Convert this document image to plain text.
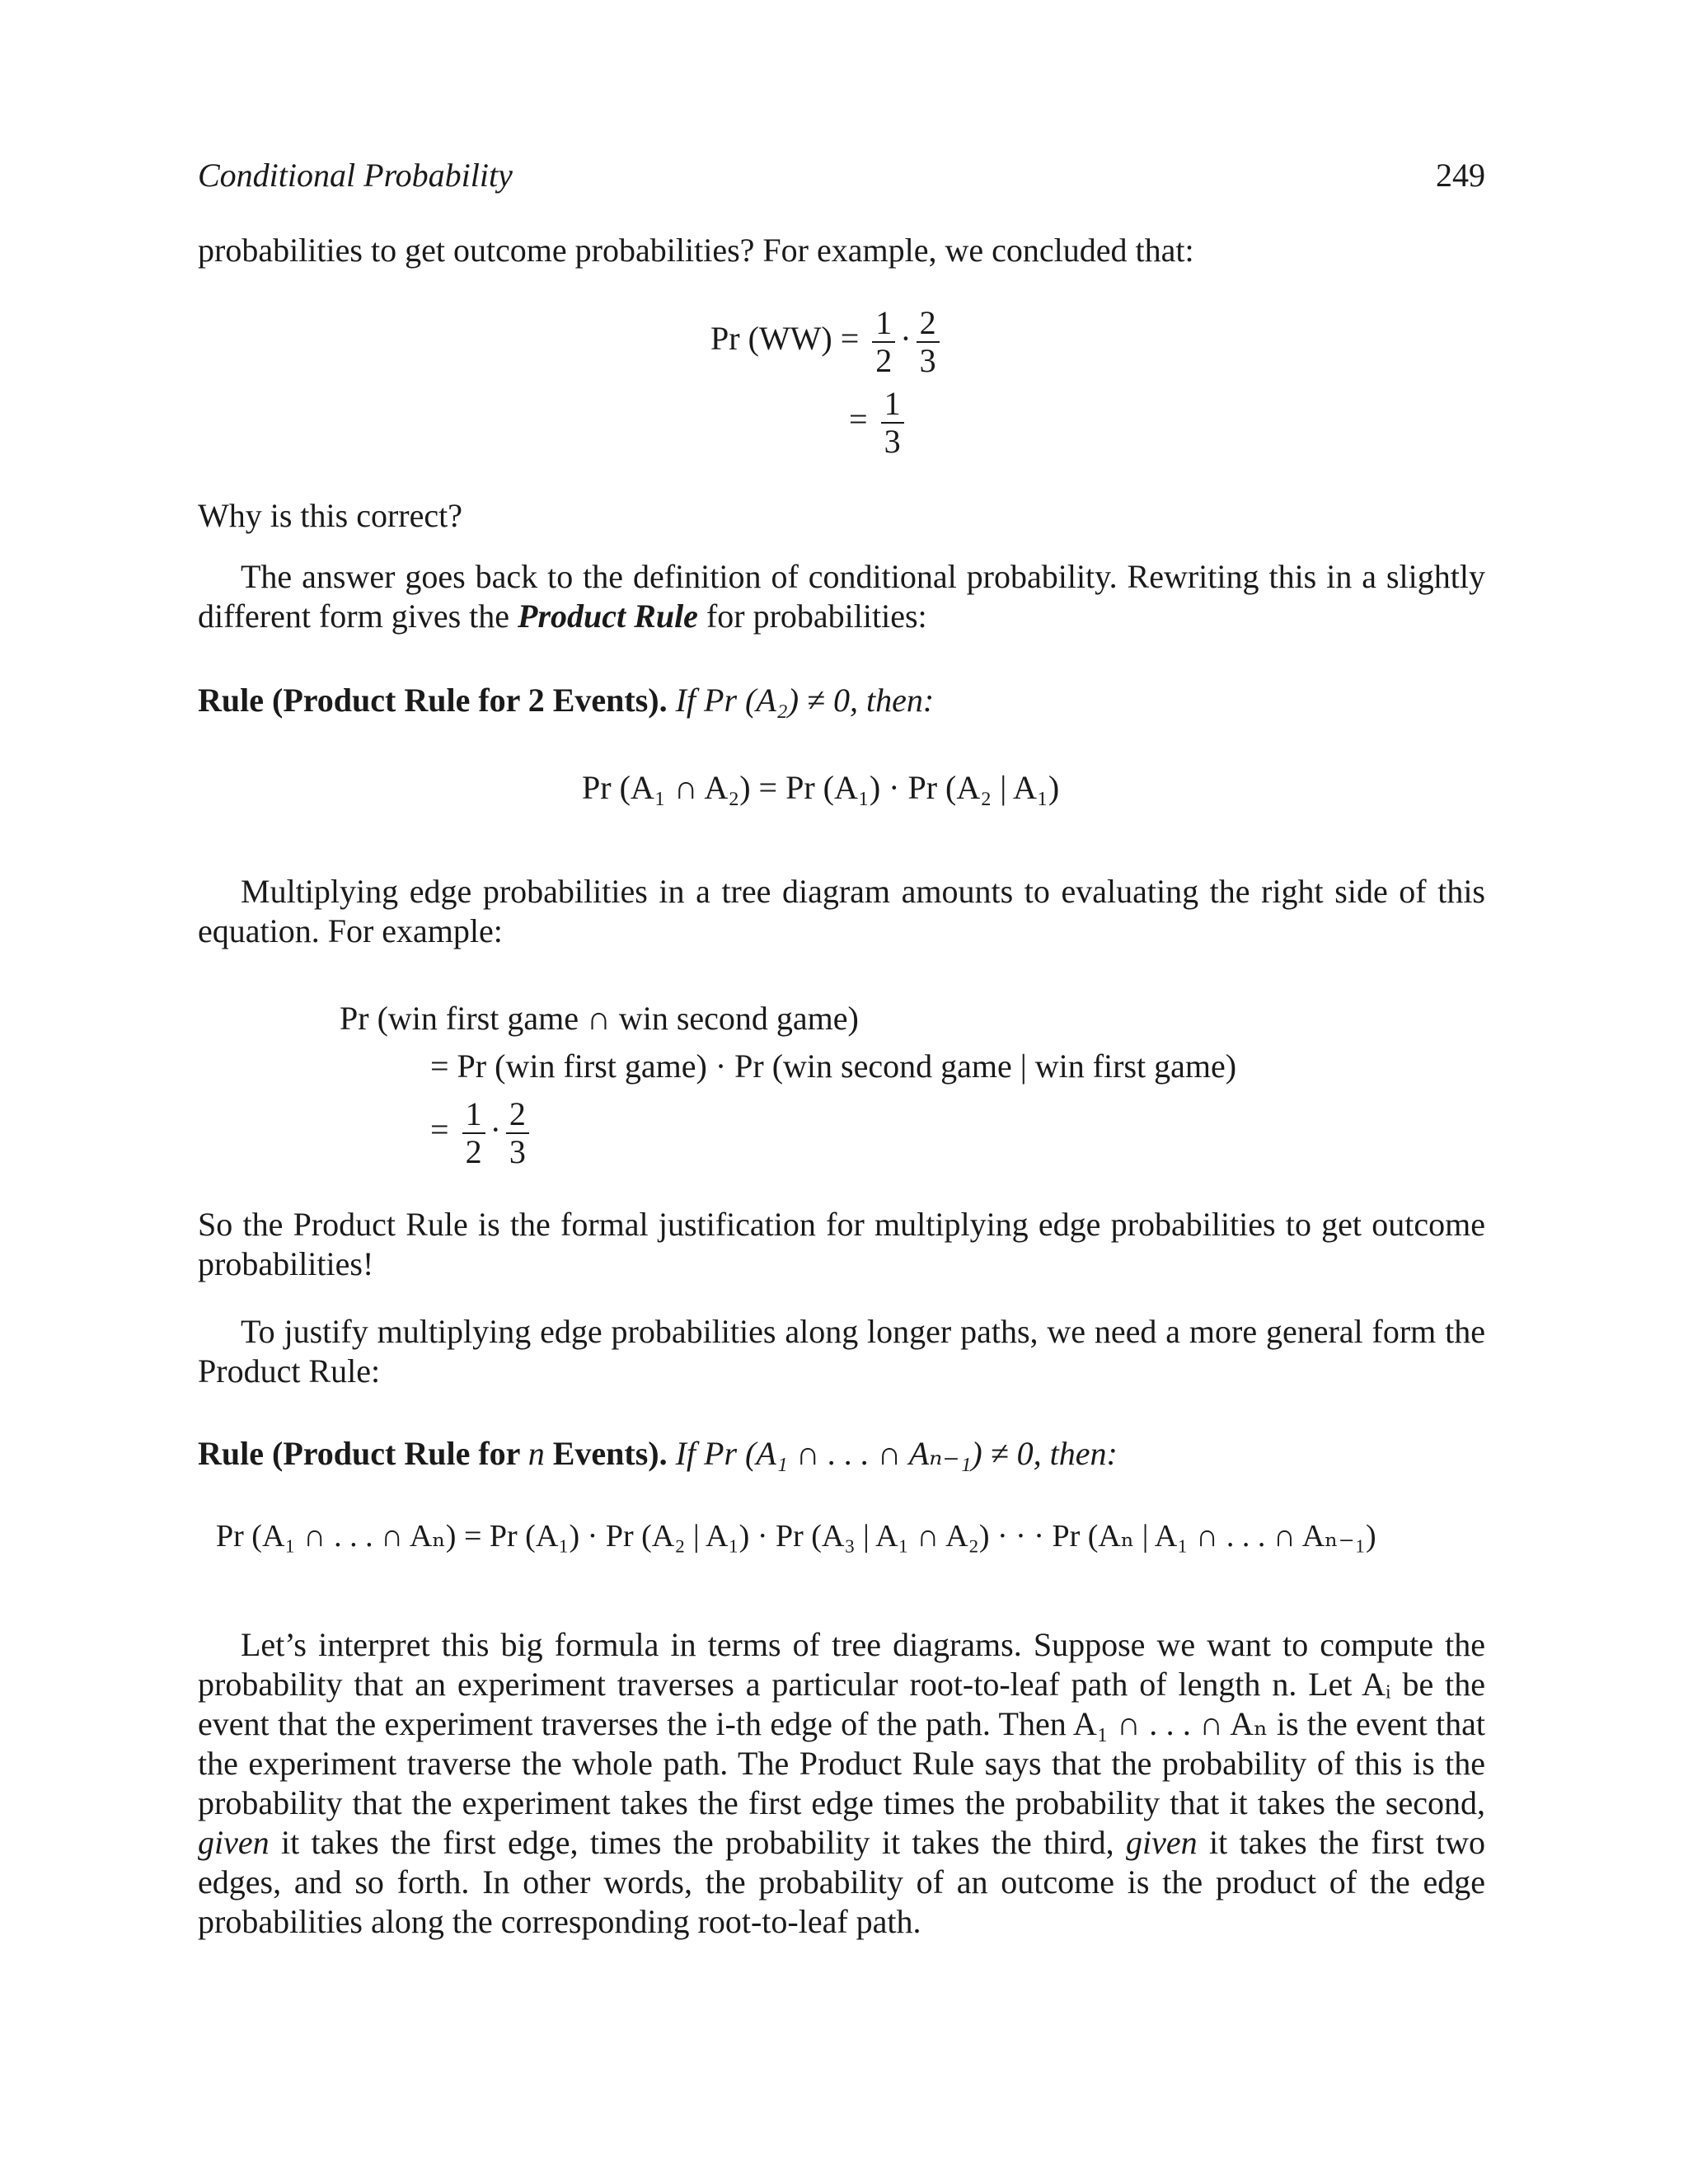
Conditional Probability	249
probabilities to get outcome probabilities? For example, we concluded that:
Pr $(WW) = \frac{1}{2} \cdot \frac{2}{3}$
= $\frac{1}{3}$
Why is this correct?
The answer goes back to the definition of conditional probability. Rewriting this in a slightly different form gives the Product Rule for probabilities:
Rule (Product Rule for 2 Events). If Pr (A₂) ≠ 0, then:
Pr (A₁ ∩ A₂) = Pr (A₁) · Pr (A₂ | A₁)
Multiplying edge probabilities in a tree diagram amounts to evaluating the right side of this equation. For example:
Pr (win first game ∩ win second game)
= Pr (win first game) · Pr (win second game | win first game)
= $\frac{1}{2} \cdot \frac{2}{3}$
So the Product Rule is the formal justification for multiplying edge probabilities to get outcome probabilities!
To justify multiplying edge probabilities along longer paths, we need a more general form the Product Rule:
Rule (Product Rule for n Events). If Pr (A₁ ∩ . . . ∩ Aₙ₋₁) ≠ 0, then:
Pr (A₁ ∩ . . . ∩ Aₙ) = Pr (A₁) · Pr (A₂ | A₁) · Pr (A₃ | A₁ ∩ A₂) · · · Pr (Aₙ | A₁ ∩ . . . ∩ Aₙ₋₁)
Let’s interpret this big formula in terms of tree diagrams. Suppose we want to compute the probability that an experiment traverses a particular root-to-leaf path of length n. Let Aᵢ be the event that the experiment traverses the i-th edge of the path. Then A₁ ∩ . . . ∩ Aₙ is the event that the experiment traverse the whole path. The Product Rule says that the probability of this is the probability that the experiment takes the first edge times the probability that it takes the second, given it takes the first edge, times the probability it takes the third, given it takes the first two edges, and so forth. In other words, the probability of an outcome is the product of the edge probabilities along the corresponding root-to-leaf path.
